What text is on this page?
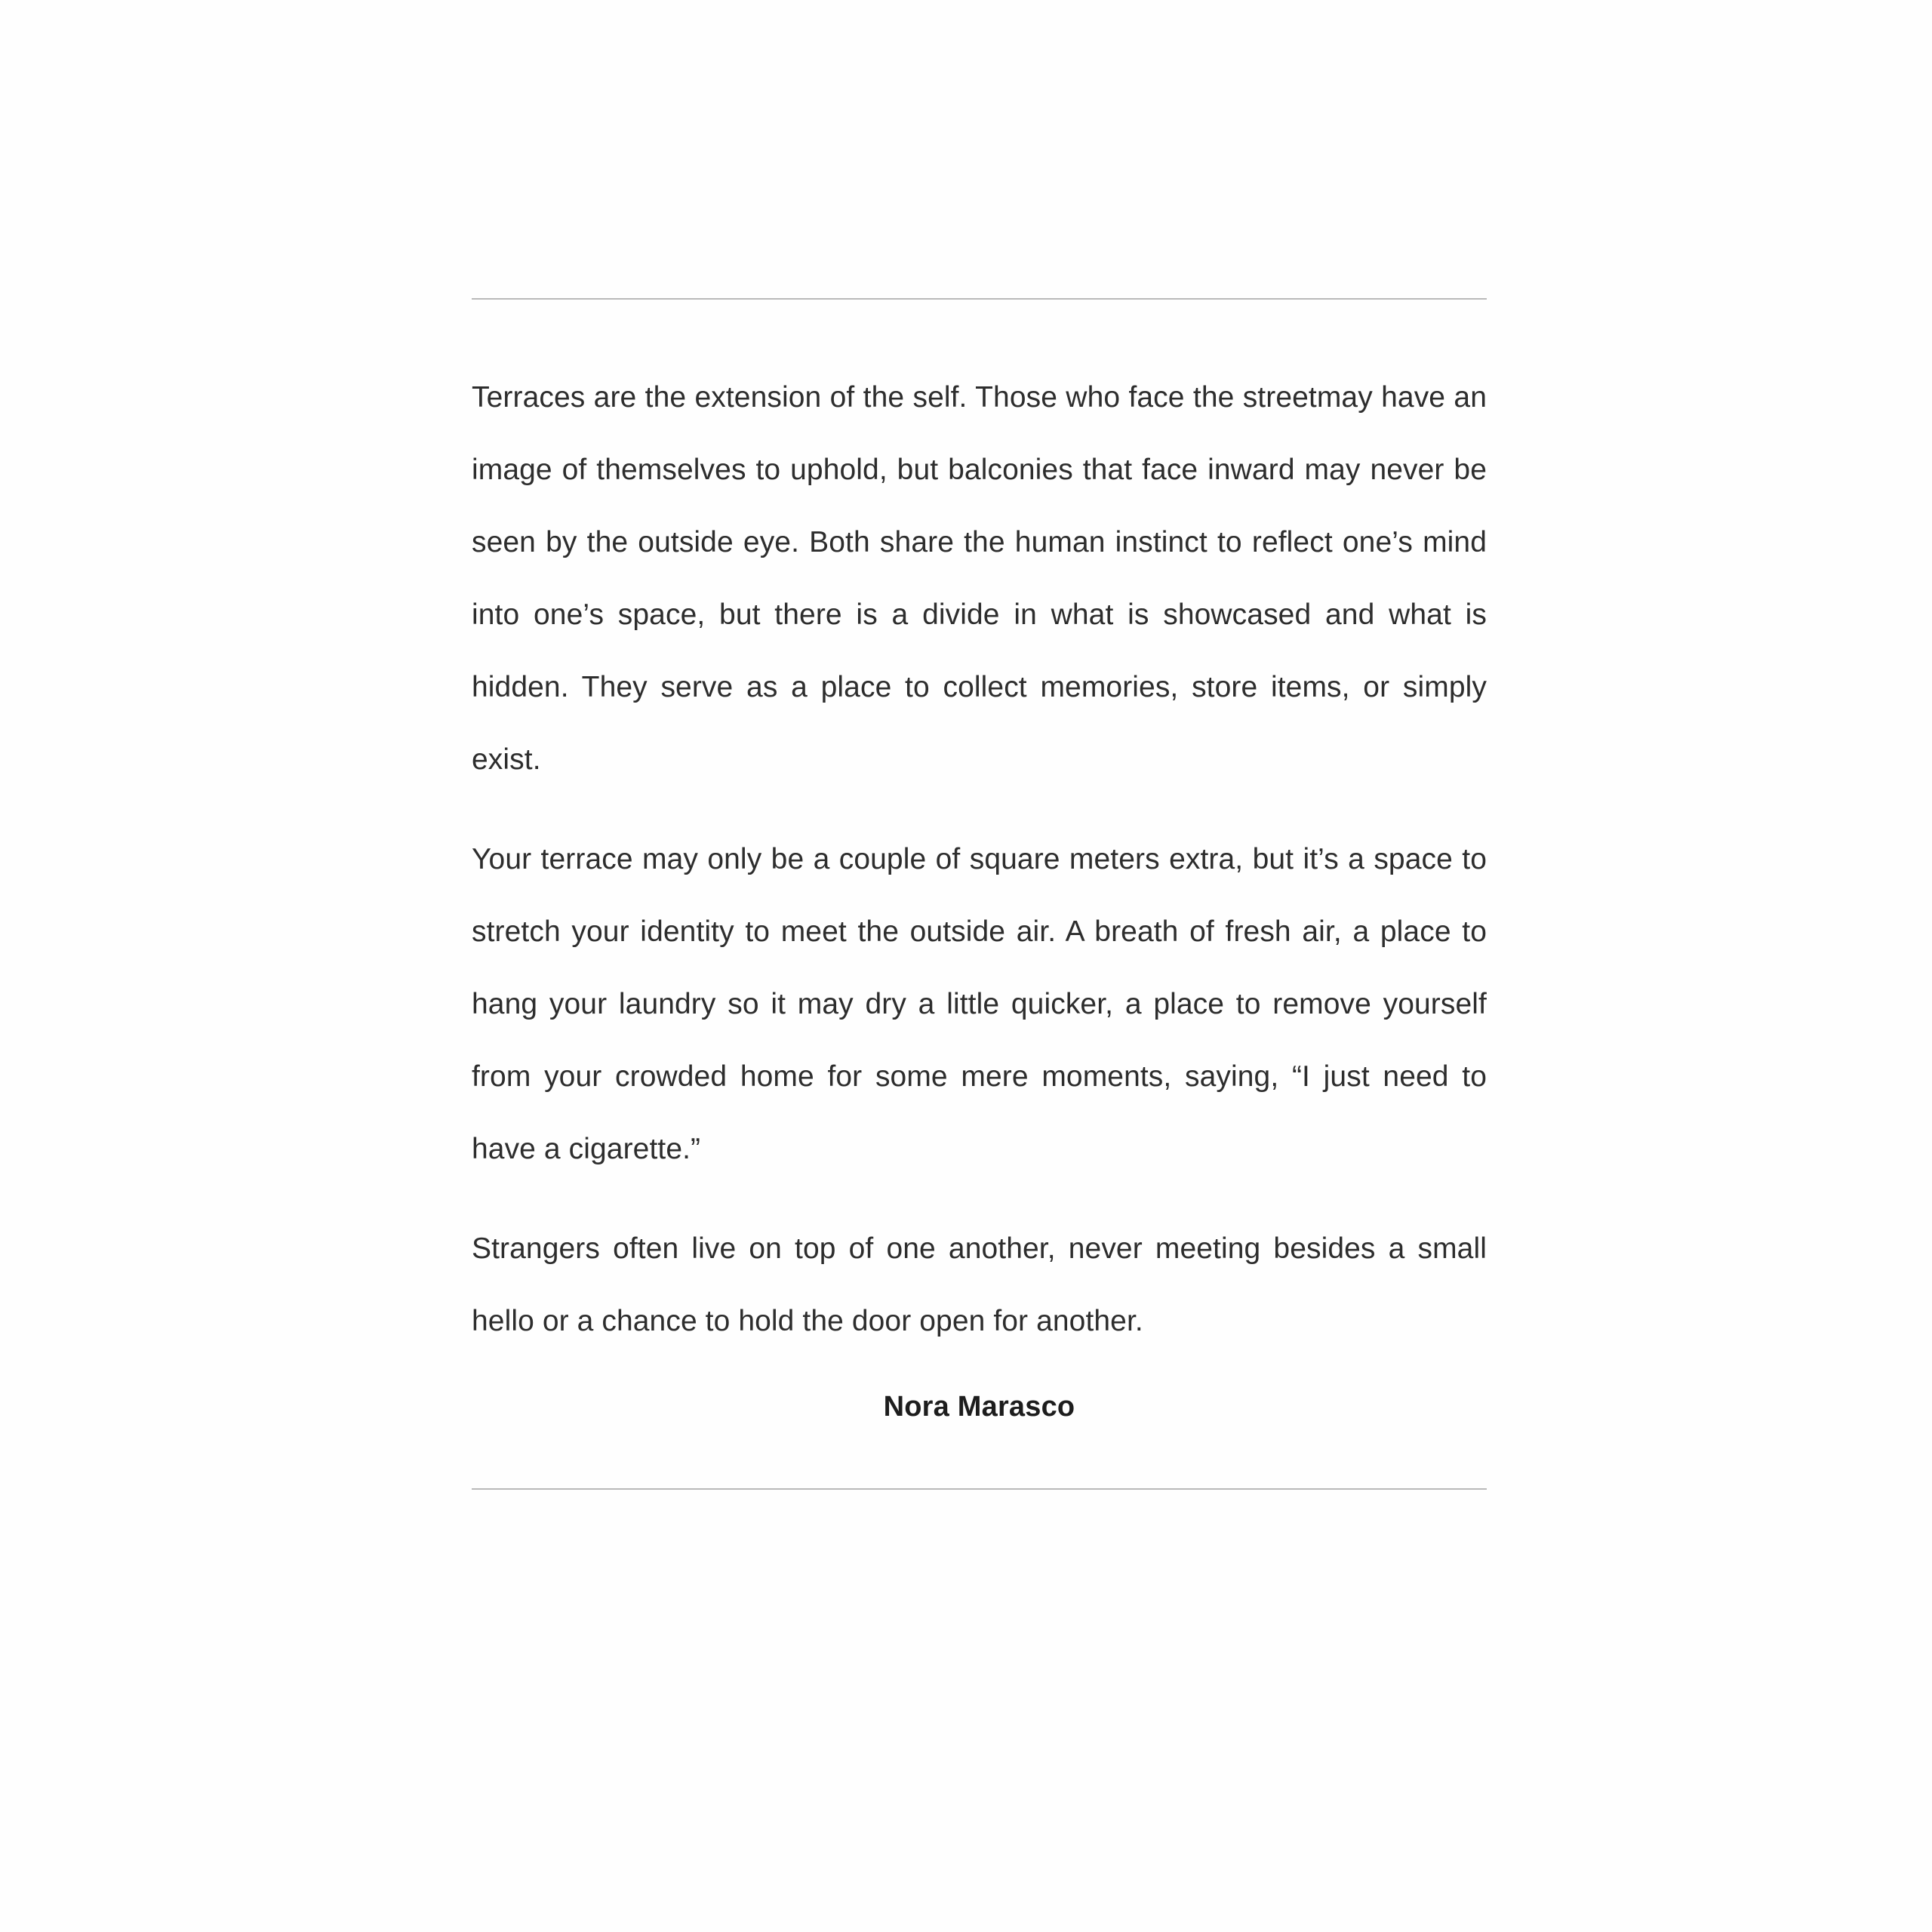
Terraces are the extension of the self. Those who face the streetmay have an image of themselves to uphold, but balconies that face inward may never be seen by the outside eye. Both share the human instinct to reflect one’s mind into one’s space, but there is a divide in what is showcased and what is hidden. They serve as a place to collect memories, store items, or simply exist.

Your terrace may only be a couple of square meters extra, but it’s a space to stretch your identity to meet the outside air. A breath of fresh air, a place to hang your laundry so it may dry a little quicker, a place to remove yourself from your crowded home for some mere moments, saying, “I just need to have a cigarette.”

Strangers often live on top of one another, never meeting besides a small hello or a chance to hold the door open for another.

Nora Marasco
